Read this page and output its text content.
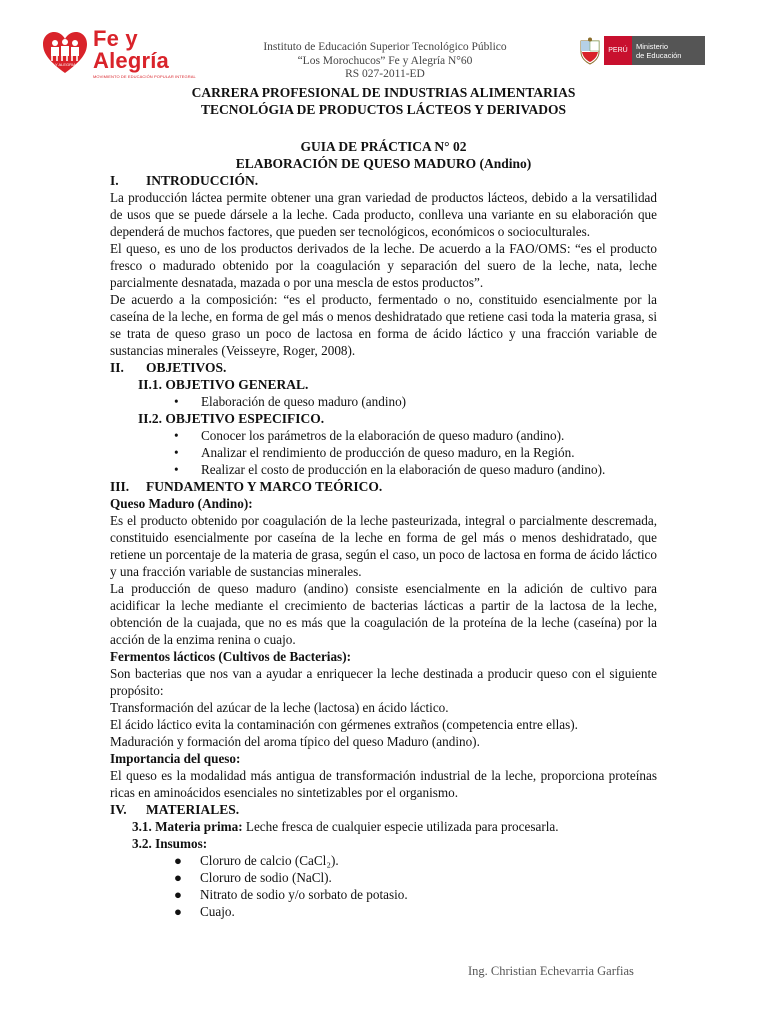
FE Y ALEGRIA 60
Fe y Alegría
MOVIMIENTO DE EDUCACIÓN POPULAR INTEGRAL
Instituto de Educación Superior Tecnológico Público
“Los Morochucos” Fe y Alegría N°60
RS 027-2011-ED
PERÚ	Ministerio
de Educación
CARRERA PROFESIONAL DE INDUSTRIAS ALIMENTARIAS
TECNOLÓGIA DE PRODUCTOS LÁCTEOS Y DERIVADOS
GUIA DE PRÁCTICA N° 02
ELABORACIÓN DE QUESO MADURO (Andino)
I.	INTRODUCCIÓN.

La producción láctea permite obtener una gran variedad de productos lácteos, debido a la versatilidad de usos que se puede dársele a la leche. Cada producto, conlleva una variante en su elaboración que dependerá de muchos factores, que pueden ser tecnológicos, económicos o socioculturales.

El queso, es uno de los productos derivados de la leche. De acuerdo a la FAO/OMS: “es el producto fresco o madurado obtenido por la coagulación y separación del suero de la leche, nata, leche parcialmente desnatada, mazada o por una mescla de estos productos”.

De acuerdo a la composición: “es el producto, fermentado o no, constituido esencialmente por la caseína de la leche, en forma de gel más o menos deshidratado que retiene casi toda la materia grasa, si se trata de queso graso un poco de lactosa en forma de ácido láctico y una fracción variable de sustancias minerales (Veisseyre, Roger, 2008).

II.	OBJETIVOS.
II.1. OBJETIVO GENERAL.
•	Elaboración de queso maduro (andino)
II.2. OBJETIVO ESPECIFICO.
•	Conocer los parámetros de la elaboración de queso maduro (andino).
•	Analizar el rendimiento de producción de queso maduro, en la Región.
•	Realizar el costo de producción en la elaboración de queso maduro (andino).
III.	FUNDAMENTO Y MARCO TEÓRICO.
Queso Maduro (Andino):

Es el producto obtenido por coagulación de la leche pasteurizada, integral o parcialmente descremada, constituido esencialmente por caseína de la leche en forma de gel más o menos deshidratado, que retiene un porcentaje de la materia de grasa, según el caso, un poco de lactosa en forma de ácido láctico y una fracción variable de sustancias minerales.

La producción de queso maduro (andino) consiste esencialmente en la adición de cultivo para acidificar la leche mediante el crecimiento de bacterias lácticas a partir de la lactosa de la leche, obtención de la cuajada, que no es más que la coagulación de la proteína de la leche (caseína) por la acción de la enzima renina o cuajo.

Fermentos lácticos (Cultivos de Bacterias):

Son bacterias que nos van a ayudar a enriquecer la leche destinada a producir queso con el siguiente propósito:

Transformación del azúcar de la leche (lactosa) en ácido láctico.
El ácido láctico evita la contaminación con gérmenes extraños (competencia entre ellas).
Maduración y formación del aroma típico del queso Maduro (andino).
Importancia del queso:

El queso es la modalidad más antigua de transformación industrial de la leche, proporciona proteínas ricas en aminoácidos esenciales no sintetizables por el organismo.

IV.	MATERIALES.
3.1. Materia prima: Leche fresca de cualquier especie utilizada para procesarla.
3.2. Insumos:
●	Cloruro de calcio (CaCl₂).
●	Cloruro de sodio (NaCl).
●	Nitrato de sodio y/o sorbato de potasio.
●	Cuajo.
Ing. Christian Echevarria Garfias
